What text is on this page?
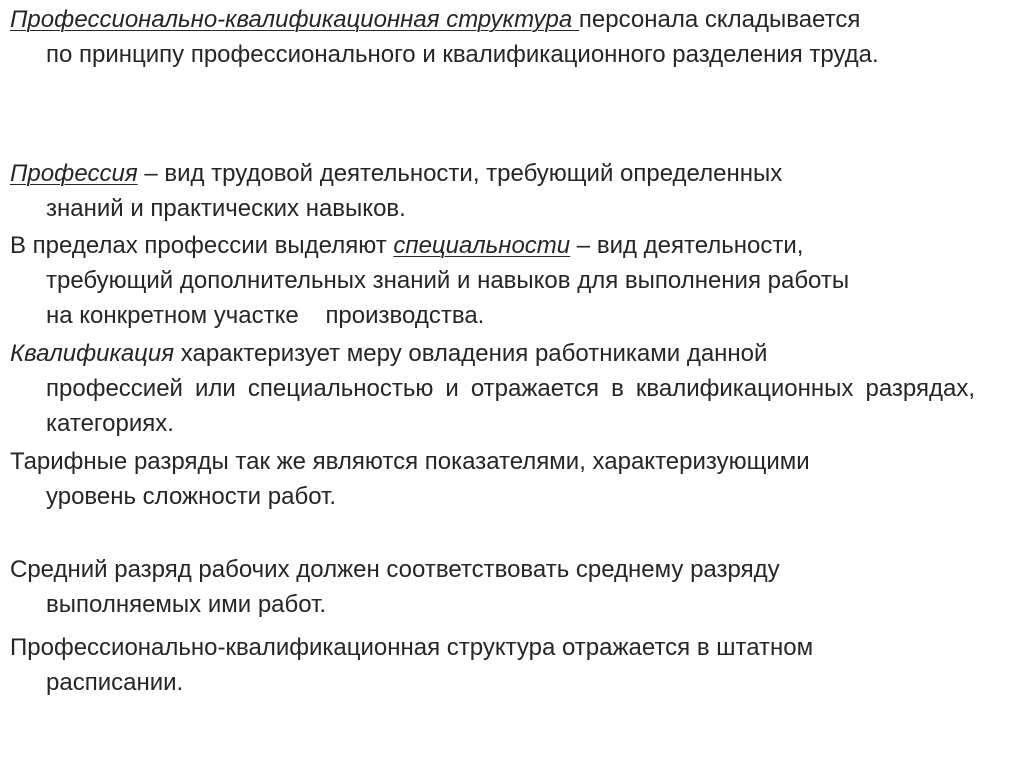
Профессионально-квалификационная структура персонала складывается
по принципу профессионального и квалификационного разделения труда.
Профессия – вид трудовой деятельности, требующий определенных
знаний и практических навыков.
В пределах профессии выделяют специальности – вид деятельности,
требующий дополнительных знаний и навыков для выполнения работы
на конкретном участке производства.
Квалификация характеризует меру овладения работниками данной
профессией или специальностью и отражается в квалификационных разрядах, категориях.
Тарифные разряды так же являются показателями, характеризующими
уровень сложности работ.
Средний разряд рабочих должен соответствовать среднему разряду
выполняемых ими работ.
Профессионально-квалификационная структура отражается в штатном
расписании.
